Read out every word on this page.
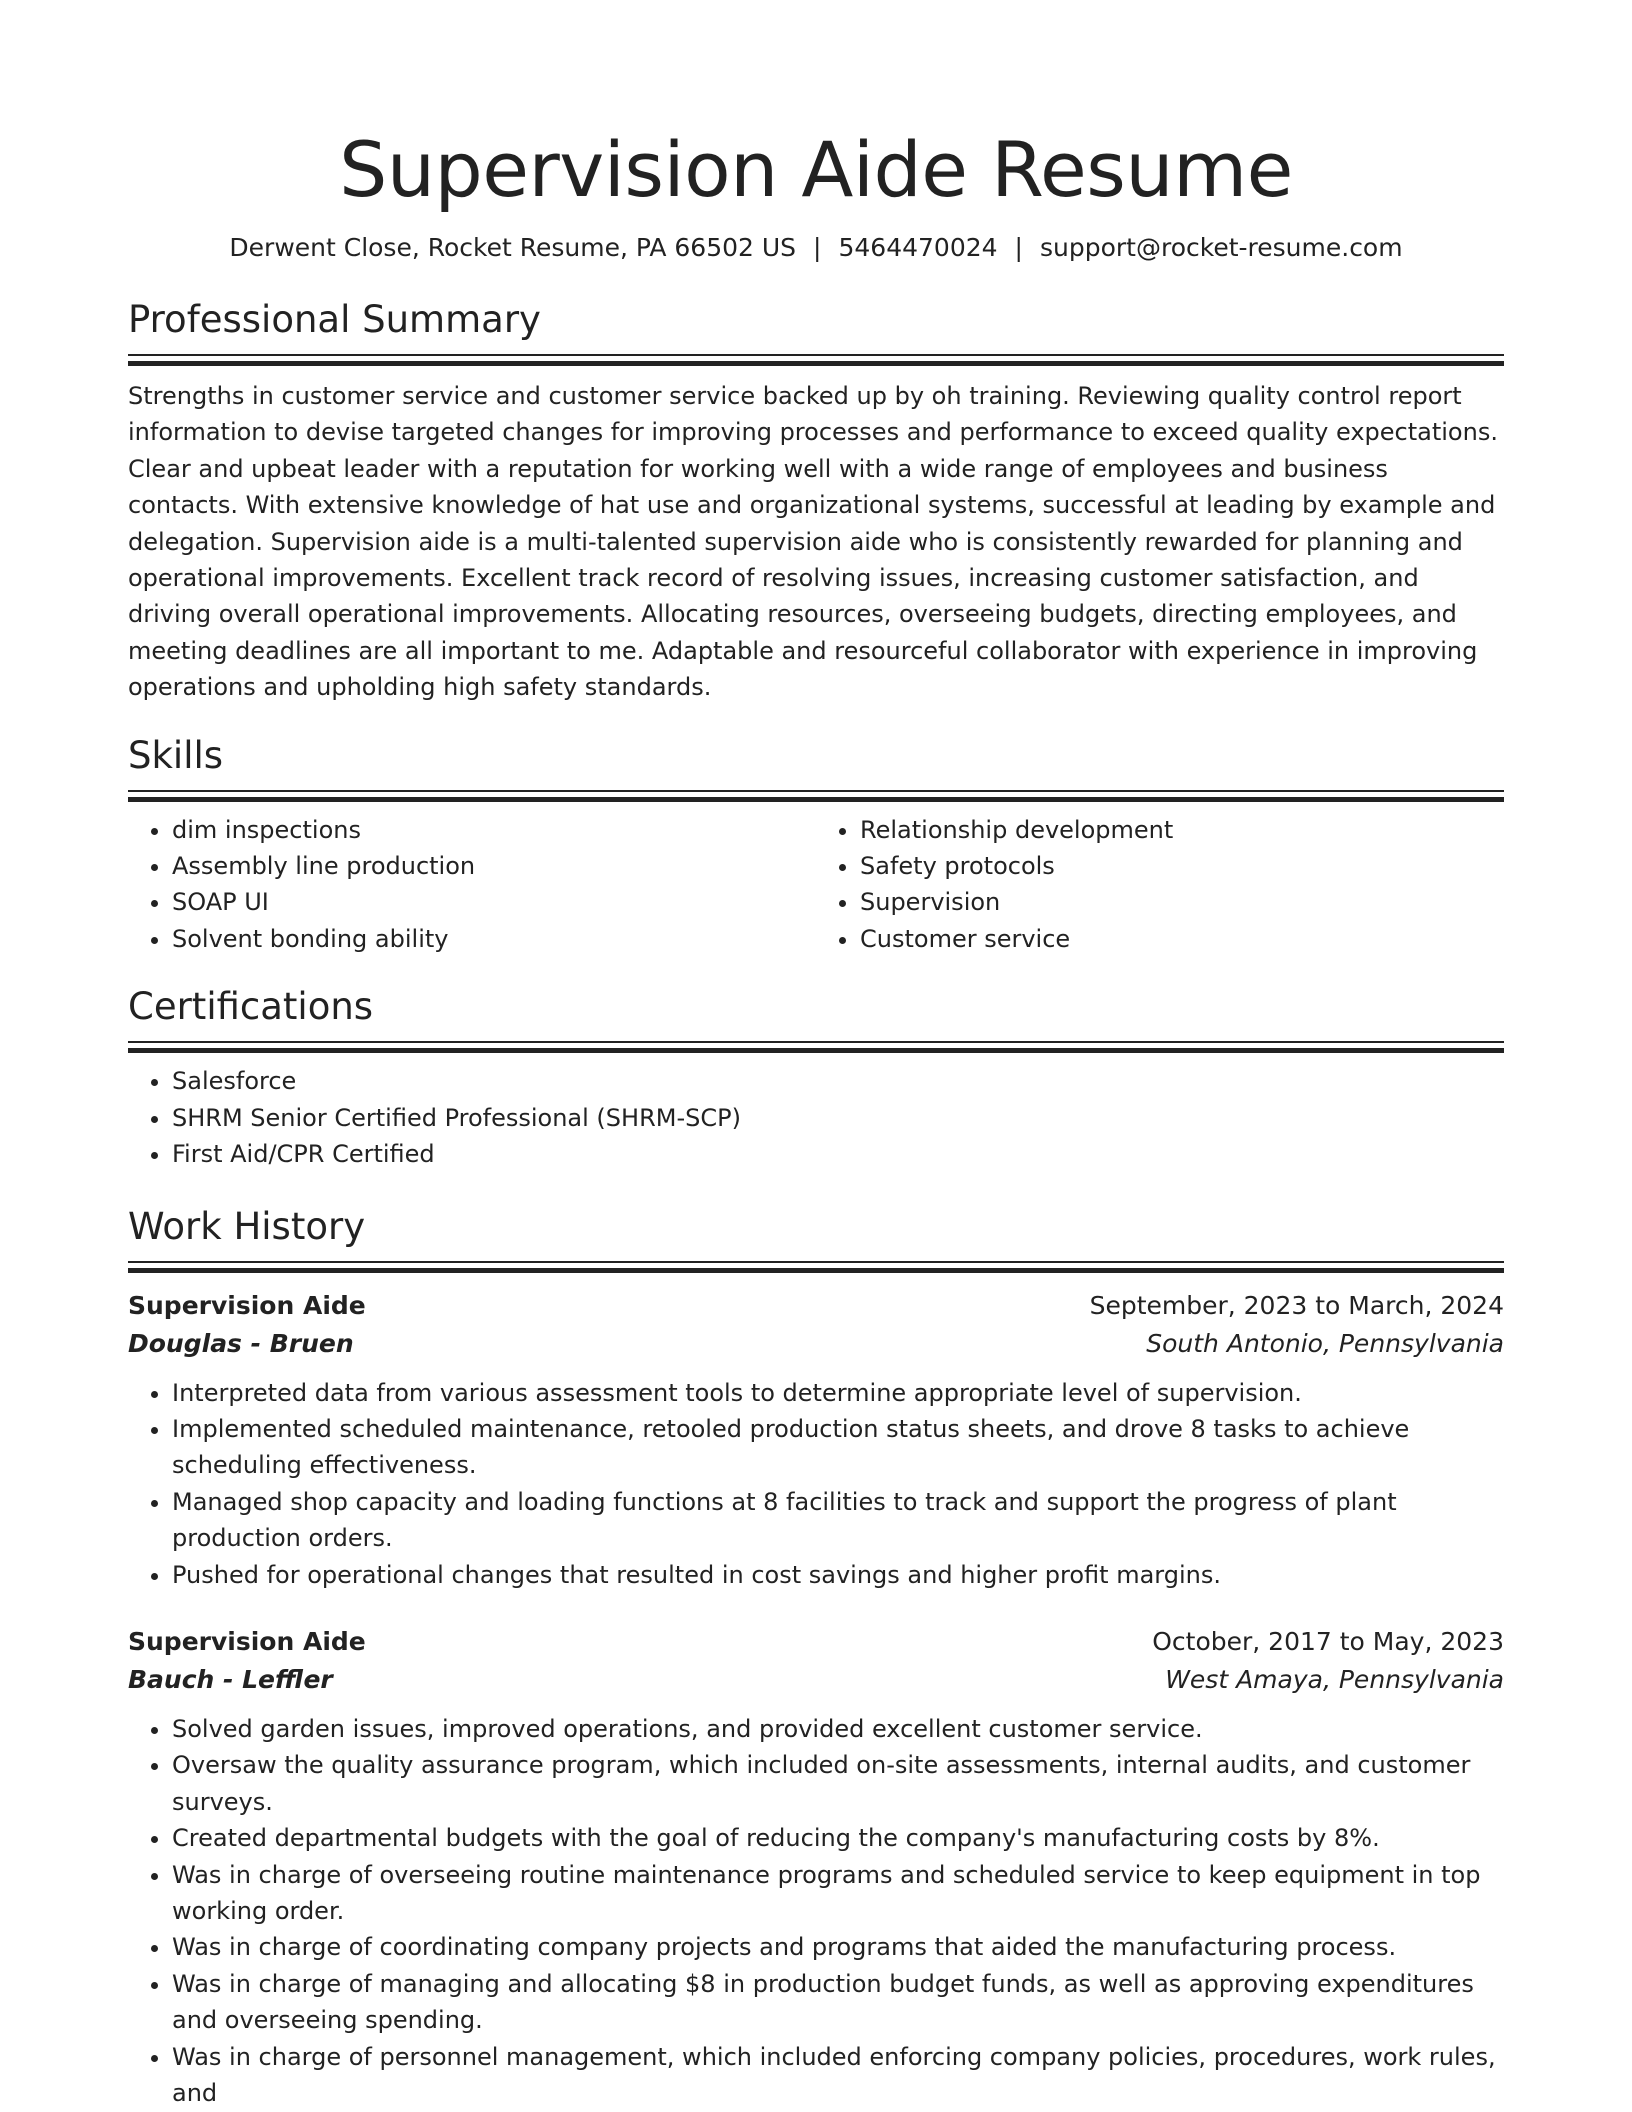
Supervision Aide Resume
Derwent Close, Rocket Resume, PA 66502 US | 5464470024 | support@rocket-resume.com
Professional Summary

Strengths in customer service and customer service backed up by oh training. Reviewing quality control report information to devise targeted changes for improving processes and performance to exceed quality expectations. Clear and upbeat leader with a reputation for working well with a wide range of employees and business contacts. With extensive knowledge of hat use and organizational systems, successful at leading by example and delegation. Supervision aide is a multi-talented supervision aide who is consistently rewarded for planning and operational improvements. Excellent track record of resolving issues, increasing customer satisfaction, and driving overall operational improvements. Allocating resources, overseeing budgets, directing employees, and meeting deadlines are all important to me. Adaptable and resourceful collaborator with experience in improving operations and upholding high safety standards.

Skills
• dim inspections
• Assembly line production
• SOAP UI
• Solvent bonding ability
• Relationship development
• Safety protocols
• Supervision
• Customer service
Certifications
• Salesforce
• SHRM Senior Certified Professional (SHRM-SCP)
• First Aid/CPR Certified
Work History
Supervision Aide	September, 2023 to March, 2024
Douglas - Bruen	South Antonio, Pennsylvania
• Interpreted data from various assessment tools to determine appropriate level of supervision.
• Implemented scheduled maintenance, retooled production status sheets, and drove 8 tasks to achieve scheduling effectiveness.
• Managed shop capacity and loading functions at 8 facilities to track and support the progress of plant production orders.
• Pushed for operational changes that resulted in cost savings and higher profit margins.
Supervision Aide	October, 2017 to May, 2023
Bauch - Leffler	West Amaya, Pennsylvania
• Solved garden issues, improved operations, and provided excellent customer service.
• Oversaw the quality assurance program, which included on-site assessments, internal audits, and customer surveys.
• Created departmental budgets with the goal of reducing the company's manufacturing costs by 8%.
• Was in charge of overseeing routine maintenance programs and scheduled service to keep equipment in top working order.
• Was in charge of coordinating company projects and programs that aided the manufacturing process.
• Was in charge of managing and allocating $8 in production budget funds, as well as approving expenditures and overseeing spending.
• Was in charge of personnel management, which included enforcing company policies, procedures, work rules, and
